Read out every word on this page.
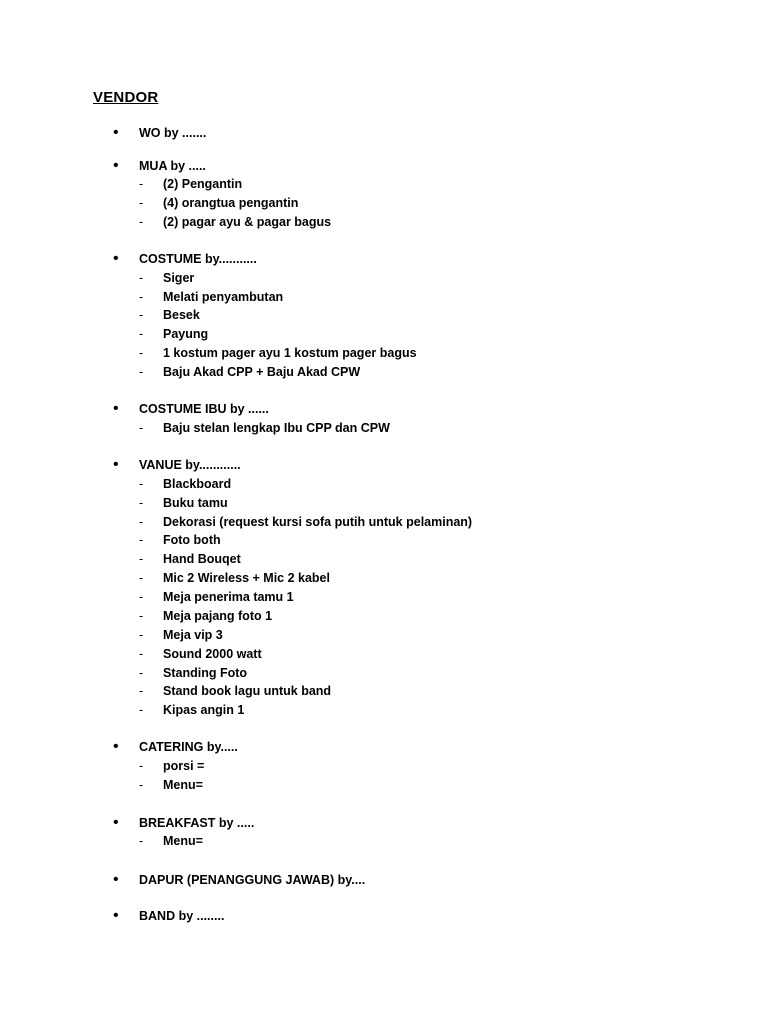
VENDOR
• WO by .......
• MUA by .....
- (2) Pengantin
- (4) orangtua pengantin
- (2) pagar ayu & pagar bagus
• COSTUME by...........
- Siger
- Melati penyambutan
- Besek
- Payung
- 1 kostum pager ayu 1 kostum pager bagus
- Baju Akad CPP + Baju Akad CPW
• COSTUME IBU by ......
- Baju stelan lengkap Ibu CPP dan CPW
• VANUE by............
- Blackboard
- Buku tamu
- Dekorasi (request kursi sofa putih untuk pelaminan)
- Foto both
- Hand Bouqet
- Mic 2 Wireless + Mic 2 kabel
- Meja penerima tamu 1
- Meja pajang foto 1
- Meja vip 3
- Sound 2000 watt
- Standing Foto
- Stand book lagu untuk band
- Kipas angin 1
• CATERING by.....
- porsi =
- Menu=
• BREAKFAST by .....
- Menu=
• DAPUR (PENANGGUNG JAWAB) by....
• BAND by ........
